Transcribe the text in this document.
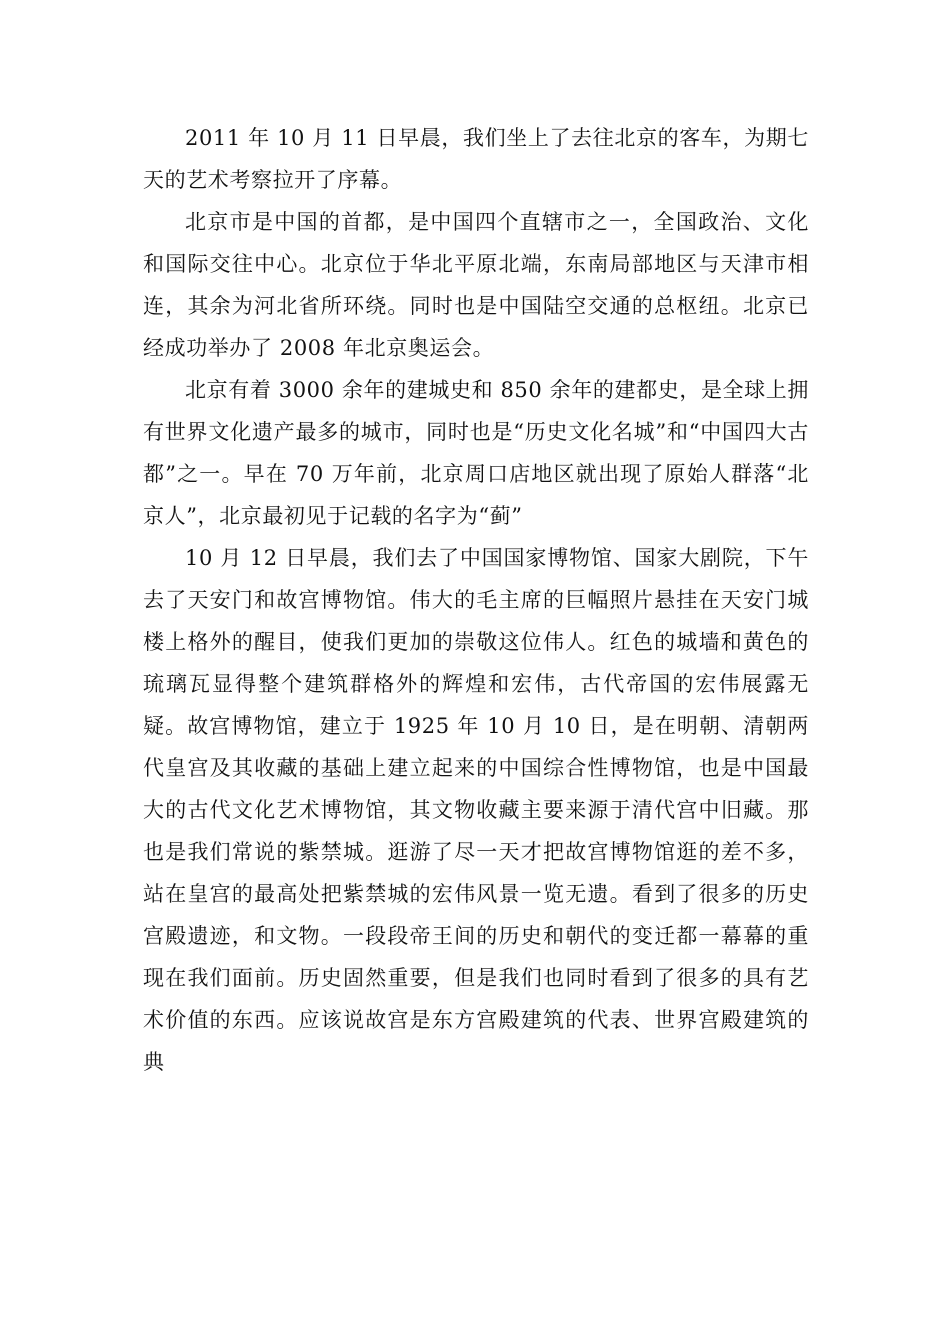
2011 年 10 月 11 日早晨，我们坐上了去往北京的客车，为期七天的艺术考察拉开了序幕。

北京市是中国的首都，是中国四个直辖市之一，全国政治、文化和国际交往中心。北京位于华北平原北端，东南局部地区与天津市相连，其余为河北省所环绕。同时也是中国陆空交通的总枢纽。北京已经成功举办了 2008 年北京奥运会。

北京有着 3000 余年的建城史和 850 余年的建都史，是全球上拥有世界文化遗产最多的城市，同时也是“历史文化名城”和“中国四大古都”之一。早在 70 万年前，北京周口店地区就出现了原始人群落“北京人”，北京最初见于记载的名字为“蓟”

10 月 12 日早晨，我们去了中国国家博物馆、国家大剧院，下午去了天安门和故宫博物馆。伟大的毛主席的巨幅照片悬挂在天安门城楼上格外的醒目，使我们更加的崇敬这位伟人。红色的城墙和黄色的琉璃瓦显得整个建筑群格外的辉煌和宏伟，古代帝国的宏伟展露无疑。故宫博物馆，建立于 1925 年 10 月 10 日，是在明朝、清朝两代皇宫及其收藏的基础上建立起来的中国综合性博物馆，也是中国最大的古代文化艺术博物馆，其文物收藏主要来源于清代宫中旧藏。那也是我们常说的紫禁城。逛游了尽一天才把故宫博物馆逛的差不多，站在皇宫的最高处把紫禁城的宏伟风景一览无遗。看到了很多的历史宫殿遗迹，和文物。一段段帝王间的历史和朝代的变迁都一幕幕的重现在我们面前。历史固然重要，但是我们也同时看到了很多的具有艺术价值的东西。应该说故宫是东方宫殿建筑的代表、世界宫殿建筑的典
